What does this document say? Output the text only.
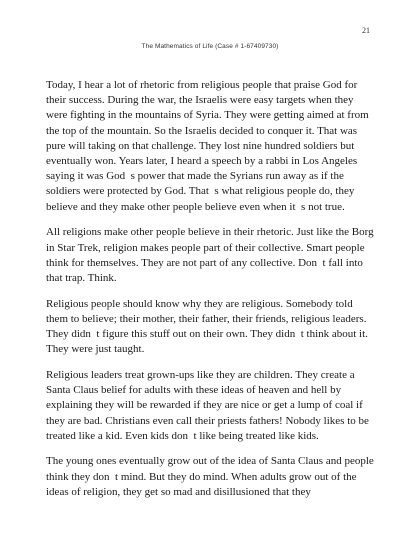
21
The Mathematics of Life (Case # 1-67409730)

Today, I hear a lot of rhetoric from religious people that praise God for their success. During the war, the Israelis were easy targets when they were fighting in the mountains of Syria. They were getting aimed at from the top of the mountain. So the Israelis decided to conquer it. That was pure will taking on that challenge. They lost nine hundred soldiers but eventually won. Years later, I heard a speech by a rabbi in Los Angeles saying it was God s power that made the Syrians run away as if the soldiers were protected by God. That s what religious people do, they believe and they make other people believe even when it s not true.

All religions make other people believe in their rhetoric. Just like the Borg in Star Trek, religion makes people part of their collective. Smart people think for themselves. They are not part of any collective. Don t fall into that trap. Think.

Religious people should know why they are religious. Somebody told them to believe; their mother, their father, their friends, religious leaders. They didn t figure this stuff out on their own. They didn t think about it. They were just taught.

Religious leaders treat grown-ups like they are children. They create a Santa Claus belief for adults with these ideas of heaven and hell by explaining they will be rewarded if they are nice or get a lump of coal if they are bad. Christians even call their priests fathers! Nobody likes to be treated like a kid. Even kids don t like being treated like kids.

The young ones eventually grow out of the idea of Santa Claus and people think they don t mind. But they do mind. When adults grow out of the ideas of religion, they get so mad and disillusioned that they
